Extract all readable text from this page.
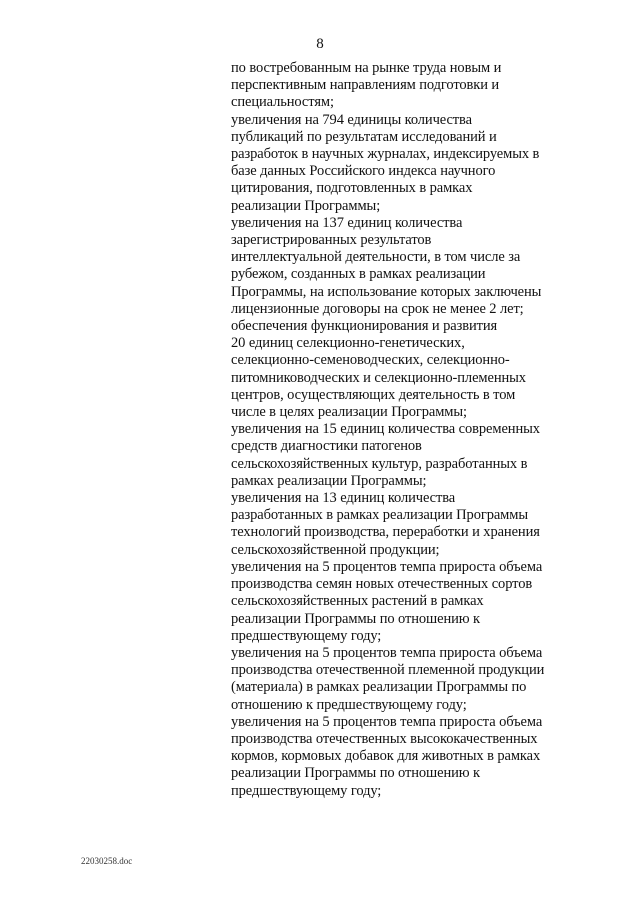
8
по востребованным на рынке труда новым и
перспективным направлениям подготовки и
специальностям;
увеличения на 794 единицы количества
публикаций по результатам исследований и
разработок в научных журналах, индексируемых в
базе данных Российского индекса научного
цитирования, подготовленных в рамках
реализации Программы;
увеличения на 137 единиц количества
зарегистрированных результатов
интеллектуальной деятельности, в том числе за
рубежом, созданных в рамках реализации
Программы, на использование которых заключены
лицензионные договоры на срок не менее 2 лет;
обеспечения функционирования и развития
20 единиц селекционно-генетических,
селекционно-семеноводческих, селекционно-
питомниководческих и селекционно-племенных
центров, осуществляющих деятельность в том
числе в целях реализации Программы;
увеличения на 15 единиц количества современных
средств диагностики патогенов
сельскохозяйственных культур, разработанных в
рамках реализации Программы;
увеличения на 13 единиц количества
разработанных в рамках реализации Программы
технологий производства, переработки и хранения
сельскохозяйственной продукции;
увеличения на 5 процентов темпа прироста объема
производства семян новых отечественных сортов
сельскохозяйственных растений в рамках
реализации Программы по отношению к
предшествующему году;
увеличения на 5 процентов темпа прироста объема
производства отечественной племенной продукции
(материала) в рамках реализации Программы по
отношению к предшествующему году;
увеличения на 5 процентов темпа прироста объема
производства отечественных высококачественных
кормов, кормовых добавок для животных в рамках
реализации Программы по отношению к
предшествующему году;
22030258.doc
